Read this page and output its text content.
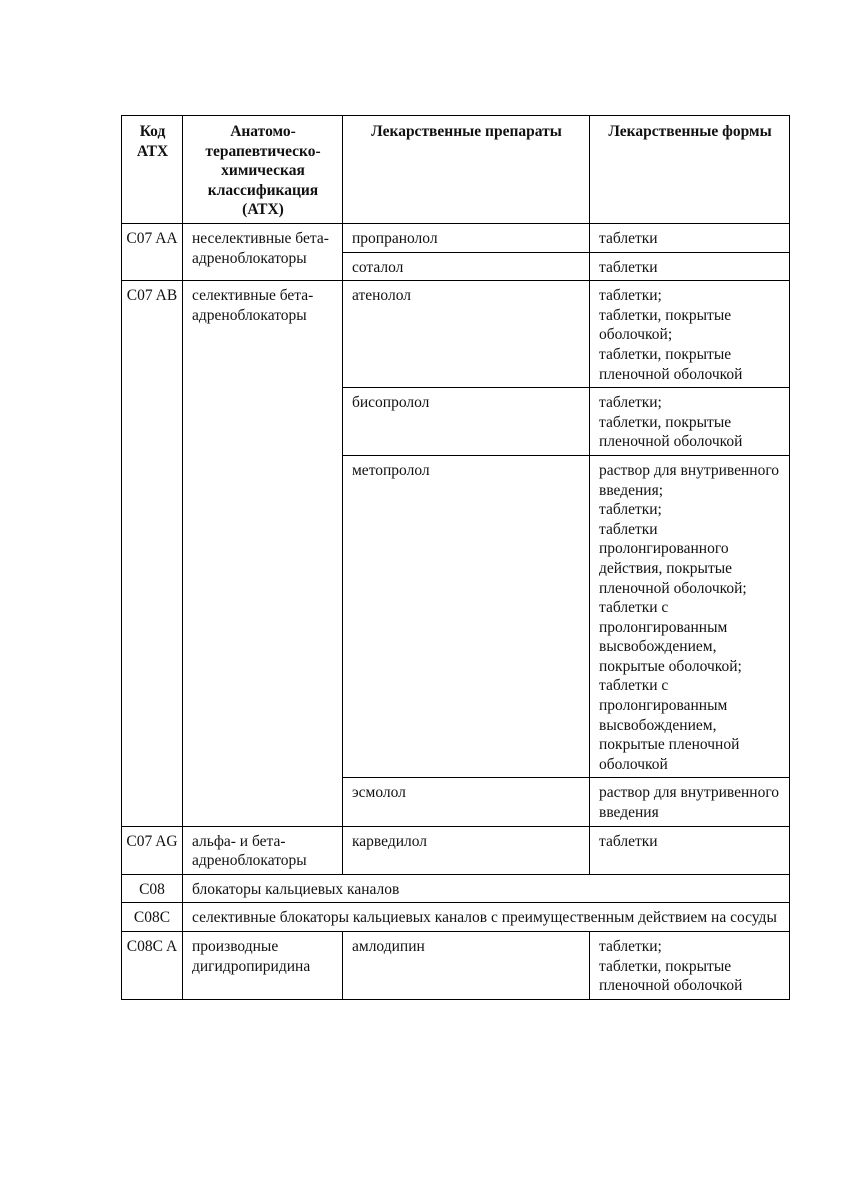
Код АТХ	Анатомо-терапевтическо-химическая классификация (АТХ)	Лекарственные препараты	Лекарственные формы
C07 AA	неселективные бета-адреноблокаторы	пропранолол	таблетки

		соталол	таблетки

C07 AB	селективные бета-адреноблокаторы	атенолол	таблетки;
таблетки, покрытые оболочкой;
таблетки, покрытые пленочной оболочкой

		бисопролол	таблетки;
таблетки, покрытые пленочной оболочкой

		метопролол	раствор для внутривенного введения;
таблетки;
таблетки пролонгированного действия, покрытые пленочной оболочкой;
таблетки с пролонгированным высвобождением, покрытые оболочкой;
таблетки с пролонгированным высвобождением, покрытые пленочной оболочкой

		эсмолол	раствор для внутривенного введения

C07 AG	альфа- и бета-адреноблокаторы	карведилол	таблетки

C08	блокаторы кальциевых каналов		
C08C	селективные блокаторы кальциевых каналов с преимущественным действием на сосуды		
C08C A	производные дигидропиридина	амлодипин	таблетки;
таблетки, покрытые пленочной оболочкой
